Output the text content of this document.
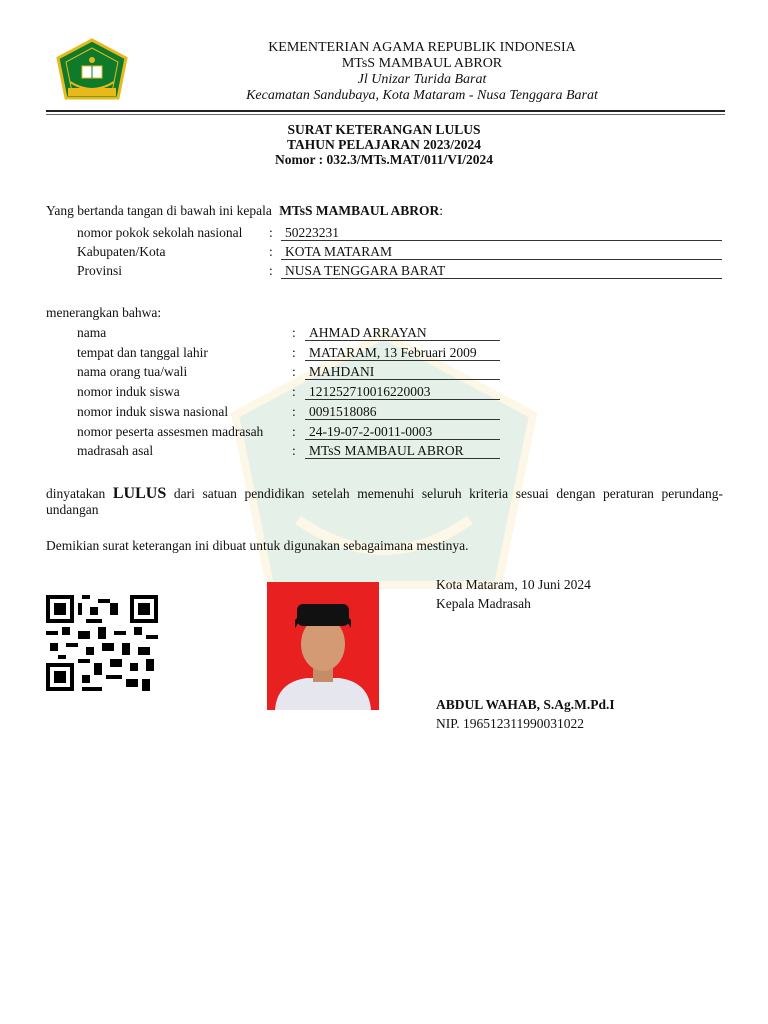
KEMENTERIAN AGAMA REPUBLIK INDONESIA
MTsS MAMBAUL ABROR
Jl Unizar Turida Barat
Kecamatan Sandubaya, Kota Mataram - Nusa Tenggara Barat
SURAT KETERANGAN LULUS
TAHUN PELAJARAN 2023/2024
Nomor : 032.3/MTs.MAT/011/VI/2024
Yang bertanda tangan di bawah ini kepala MTsS MAMBAUL ABROR:
nomor pokok sekolah nasional : 50223231
Kabupaten/Kota	: KOTA MATARAM
Provinsi	: NUSA TENGGARA BARAT
menerangkan bahwa:
nama	: AHMAD ARRAYAN
tempat dan tanggal lahir	: MATARAM, 13 Februari 2009
nama orang tua/wali	: MAHDANI
nomor induk siswa	: 121252710016220003
nomor induk siswa nasional	: 0091518086
nomor peserta assesmen madrasah : 24-19-07-2-0011-0003
madrasah asal	: MTsS MAMBAUL ABROR
dinyatakan LULUS dari satuan pendidikan setelah memenuhi seluruh kriteria sesuai dengan peraturan perundang-undangan
Demikian surat keterangan ini dibuat untuk digunakan sebagaimana mestinya.
Kota Mataram, 10 Juni 2024
Kepala Madrasah
ABDUL WAHAB, S.Ag.M.Pd.I
NIP. 196512311990031022
